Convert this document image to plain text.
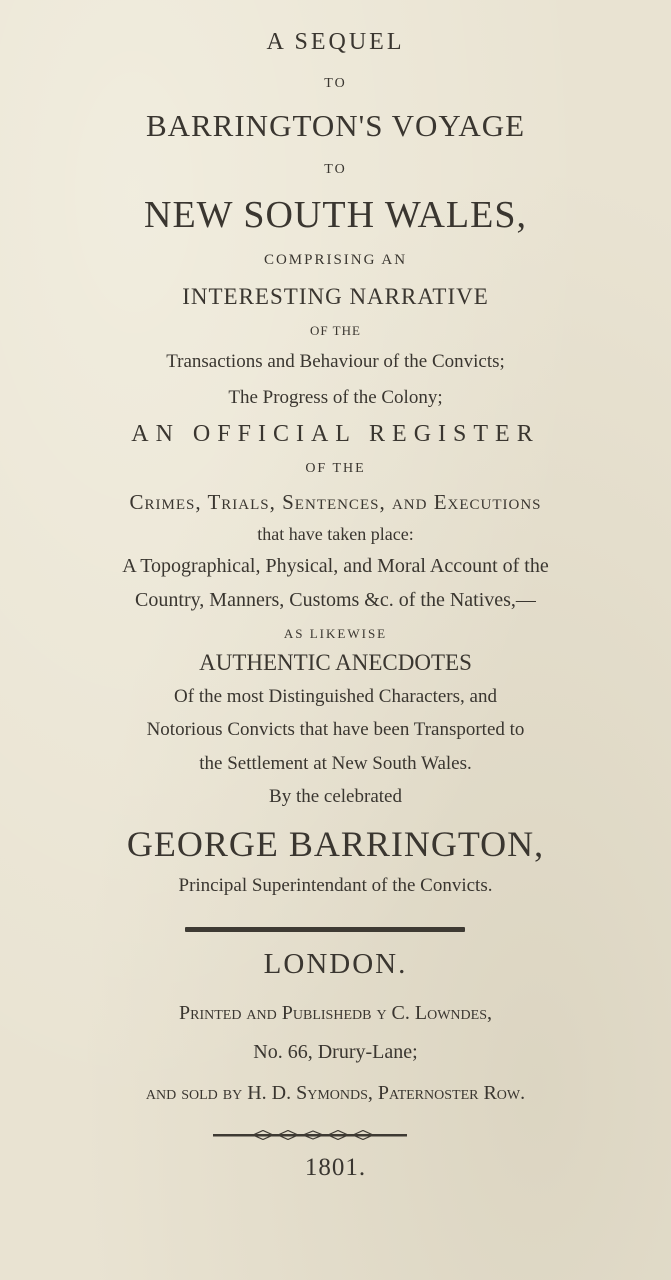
A SEQUEL
TO
BARRINGTON'S VOYAGE
TO
NEW SOUTH WALES,
COMPRISING AN
INTERESTING NARRATIVE
OF THE
Transactions and Behaviour of the Convicts;
The Progress of the Colony;
AN OFFICIAL REGISTER
OF THE
Crimes, Trials, Sentences, and Executions
that have taken place:
A Topographical, Physical, and Moral Account of the
Country, Manners, Customs &c. of the Natives,—
AS LIKEWISE
AUTHENTIC ANECDOTES
Of the most Distinguished Characters, and
Notorious Convicts that have been Transported to
the Settlement at New South Wales.
By the celebrated
GEORGE BARRINGTON,
Principal Superintendant of the Convicts.
LONDON.
Printed and Publishedb y C. Lowndes,
No. 66, Drury-Lane;
and sold by H. D. Symonds, Paternoster Row.
1801.
